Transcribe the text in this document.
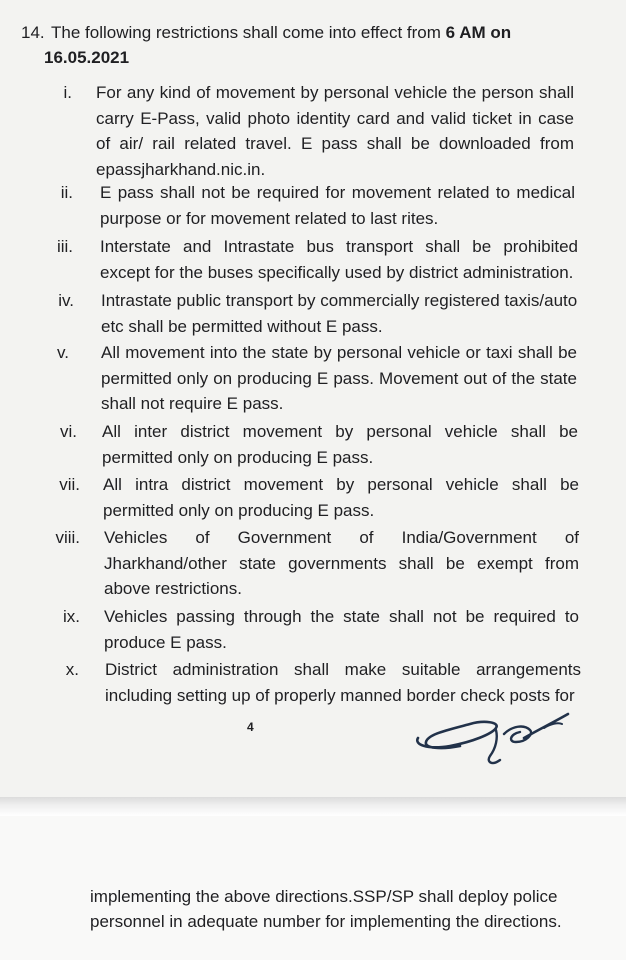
14. The following restrictions shall come into effect from 6 AM on
16.05.2021
i. For any kind of movement by personal vehicle the person shall carry E-Pass, valid photo identity card and valid ticket in case of air/ rail related travel. E pass shall be downloaded from epassjharkhand.nic.in.
ii. E pass shall not be required for movement related to medical purpose or for movement related to last rites.
iii. Interstate and Intrastate bus transport shall be prohibited except for the buses specifically used by district administration.
iv. Intrastate public transport by commercially registered taxis/auto etc shall be permitted without E pass.
v. All movement into the state by personal vehicle or taxi shall be permitted only on producing E pass. Movement out of the state shall not require E pass.
vi. All inter district movement by personal vehicle shall be permitted only on producing E pass.
vii. All intra district movement by personal vehicle shall be permitted only on producing E pass.
viii. Vehicles of Government of India/Government of Jharkhand/other state governments shall be exempt from above restrictions.
ix. Vehicles passing through the state shall not be required to produce E pass.
x. District administration shall make suitable arrangements including setting up of properly manned border check posts for
4
implementing the above directions.SSP/SP shall deploy police personnel in adequate number for implementing the directions.
